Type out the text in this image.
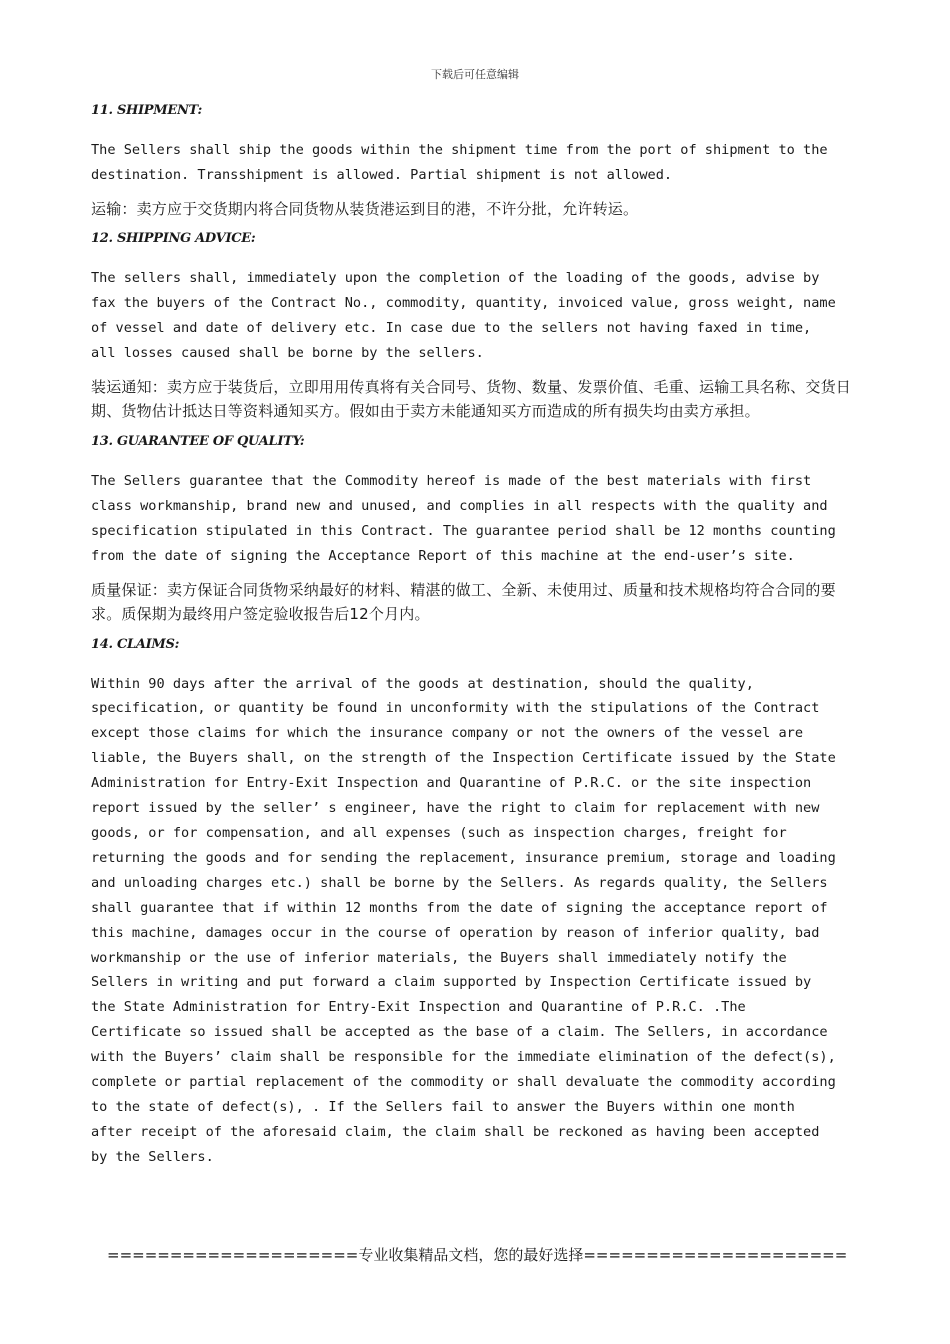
下载后可任意编辑
11. SHIPMENT:
The Sellers shall ship the goods within the shipment time from the port of shipment to the
destination. Transshipment is allowed. Partial shipment is not allowed.
运输：卖方应于交货期内将合同货物从装货港运到目的港，不许分批，允许转运。
12. SHIPPING ADVICE:
The sellers shall, immediately upon the completion of the loading of the goods, advise by
fax the buyers of the Contract No., commodity, quantity, invoiced value, gross weight, name
of vessel and date of delivery etc. In case due to the sellers not having faxed in time,
all losses caused shall be borne by the sellers.
装运通知：卖方应于装货后，立即用用传真将有关合同号、货物、数量、发票价值、毛重、运输工具名称、交货日期、货物估计抵达日等资料通知买方。假如由于卖方未能通知买方而造成的所有损失均由卖方承担。
13. GUARANTEE OF QUALITY:
The Sellers guarantee that the Commodity hereof is made of the best materials with first
class workmanship, brand new and unused, and complies in all respects with the quality and
specification stipulated in this Contract. The guarantee period shall be 12 months counting
from the date of signing the Acceptance Report of this machine at the end-user’s site.
质量保证：卖方保证合同货物采纳最好的材料、精湛的做工、全新、未使用过、质量和技术规格均符合合同的要求。质保期为最终用户签定验收报告后12个月内。
14. CLAIMS:
Within 90 days after the arrival of the goods at destination, should the quality,
specification, or quantity be found in unconformity with the stipulations of the Contract
except those claims for which the insurance company or not the owners of the vessel are
liable, the Buyers shall, on the strength of the Inspection Certificate issued by the State
Administration for Entry-Exit Inspection and Quarantine of P.R.C. or the site inspection
report issued by the seller’ s engineer, have the right to claim for replacement with new
goods, or for compensation, and all expenses (such as inspection charges, freight for
returning the goods and for sending the replacement, insurance premium, storage and loading
and unloading charges etc.) shall be borne by the Sellers. As regards quality, the Sellers
shall guarantee that if within 12 months from the date of signing the acceptance report of
this machine, damages occur in the course of operation by reason of inferior quality, bad
workmanship or the use of inferior materials, the Buyers shall immediately notify the
Sellers in writing and put forward a claim supported by Inspection Certificate issued by
the State Administration for Entry-Exit Inspection and Quarantine of P.R.C. .The
Certificate so issued shall be accepted as the base of a claim. The Sellers, in accordance
with the Buyers’ claim shall be responsible for the immediate elimination of the defect(s),
complete or partial replacement of the commodity or shall devaluate the commodity according
to the state of defect(s), . If the Sellers fail to answer the Buyers within one month
after receipt of the aforesaid claim, the claim shall be reckoned as having been accepted
by the Sellers.
====================专业收集精品文档，您的最好选择=====================
